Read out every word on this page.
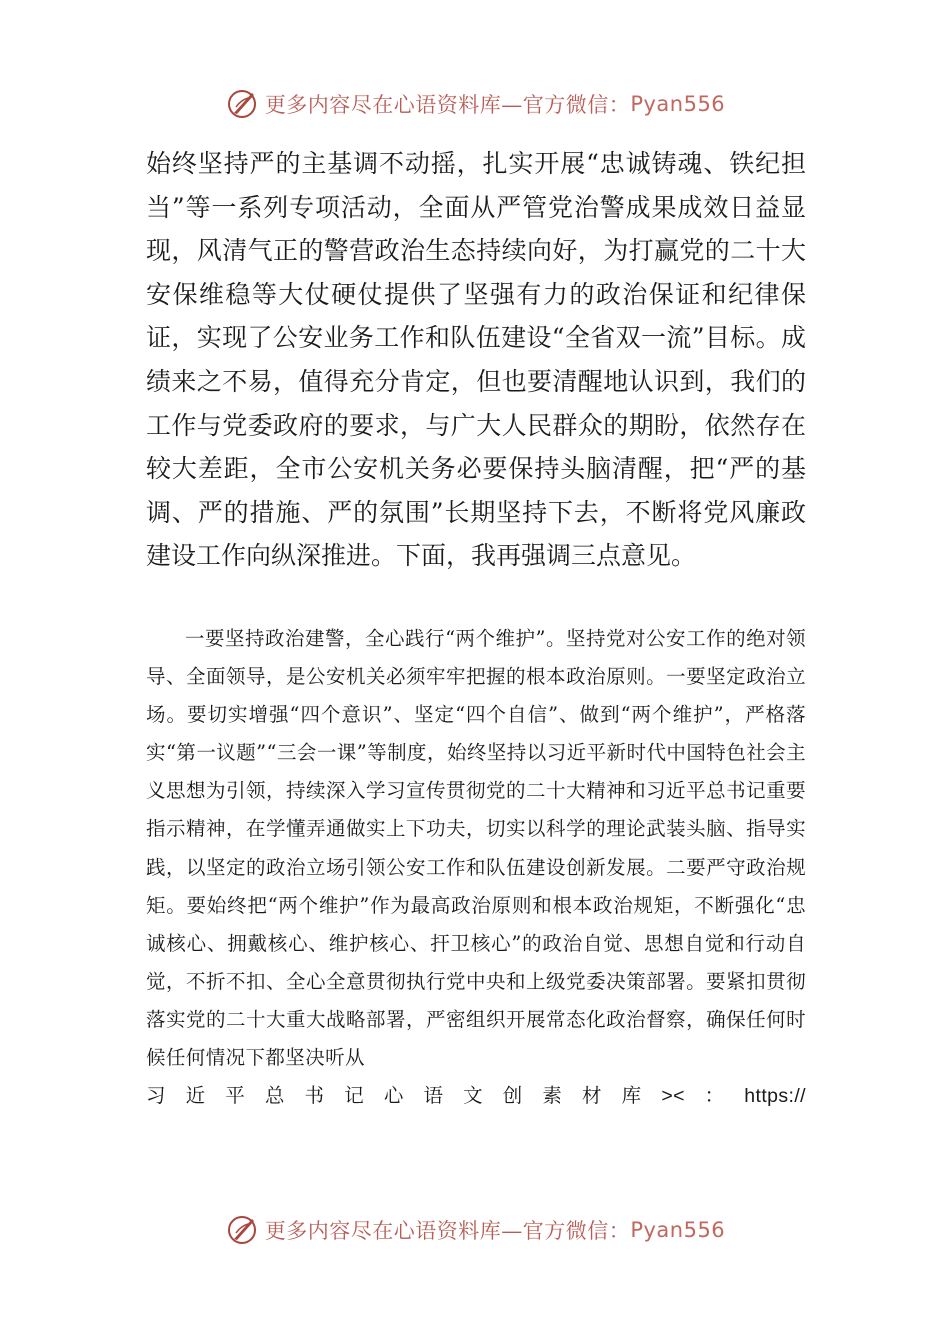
更多内容尽在心语资料库—官方微信： Pyan556

始终坚持严的主基调不动摇，扎实开展“忠诚铸魂、铁纪担当”等一系列专项活动，全面从严管党治警成果成效日益显现，风清气正的警营政治生态持续向好，为打赢党的二十大安保维稳等大仗硬仗提供了坚强有力的政治保证和纪律保证，实现了公安业务工作和队伍建设“全省双一流”目标。成绩来之不易，值得充分肯定，但也要清醒地认识到，我们的工作与党委政府的要求，与广大人民群众的期盼，依然存在较大差距，全市公安机关务必要保持头脑清醒，把“严的基调、严的措施、严的氛围”长期坚持下去，不断将党风廉政建设工作向纵深推进。下面，我再强调三点意见。

一要坚持政治建警，全心践行“两个维护”。坚持党对公安工作的绝对领导、全面领导，是公安机关必须牢牢把握的根本政治原则。一要坚定政治立场。要切实增强“四个意识”、坚定“四个自信”、做到“两个维护”，严格落实“第一议题”“三会一课”等制度，始终坚持以习近平新时代中国特色社会主义思想为引领，持续深入学习宣传贯彻党的二十大精神和习近平总书记重要指示精神，在学懂弄通做实上下功夫，切实以科学的理论武装头脑、指导实践，以坚定的政治立场引领公安工作和队伍建设创新发展。二要严守政治规矩。要始终把“两个维护”作为最高政治原则和根本政治规矩，不断强化“忠诚核心、拥戴核心、维护核心、扞卫核心”的政治自觉、思想自觉和行动自觉，不折不扣、全心全意贯彻执行党中央和上级党委决策部署。要紧扣贯彻落实党的二十大重大战略部署，严密组织开展常态化政治督察，确保任何时候任何情况下都坚决听从
习近平总书记心语文创素材库><：https://

更多内容尽在心语资料库—官方微信： Pyan556
